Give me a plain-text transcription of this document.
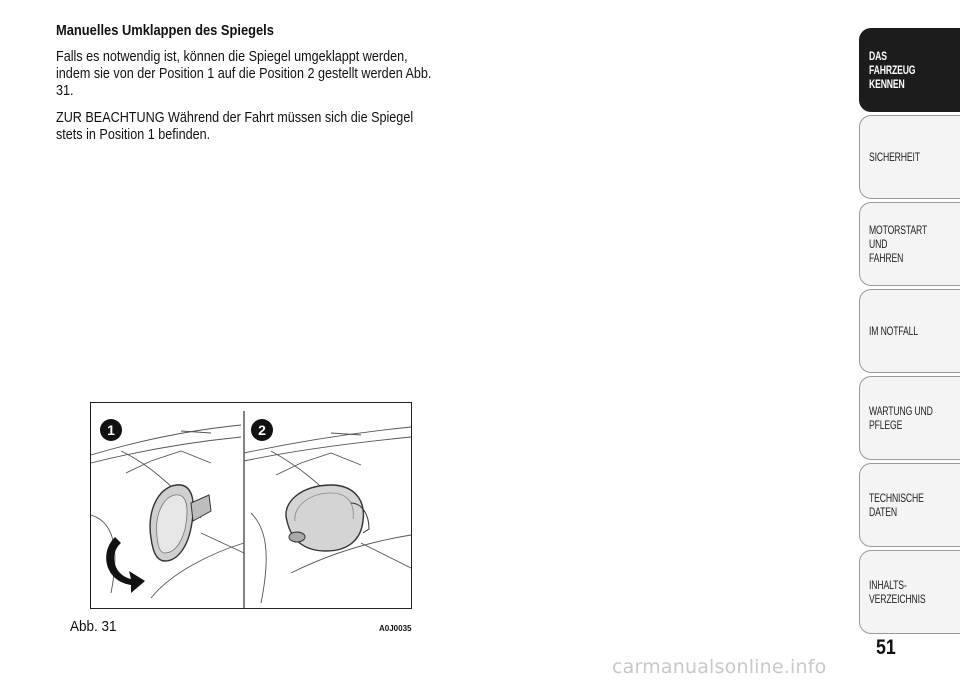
Manuelles Umklappen des Spiegels

Falls es notwendig ist, können die Spiegel umgeklappt werden, indem sie von der Position 1 auf die Position 2 gestellt werden Abb. 31.

ZUR BEACHTUNG Während der Fahrt müssen sich die Spiegel stets in Position 1 befinden.

1	2
Abb. 31	A0J0035
DAS FAHRZEUG
KENNEN
SICHERHEIT
MOTORSTART UND
FAHREN
IM NOTFALL
WARTUNG UND
PFLEGE
TECHNISCHE DATEN
INHALTS-
VERZEICHNIS
51
carmanualsonline.info
